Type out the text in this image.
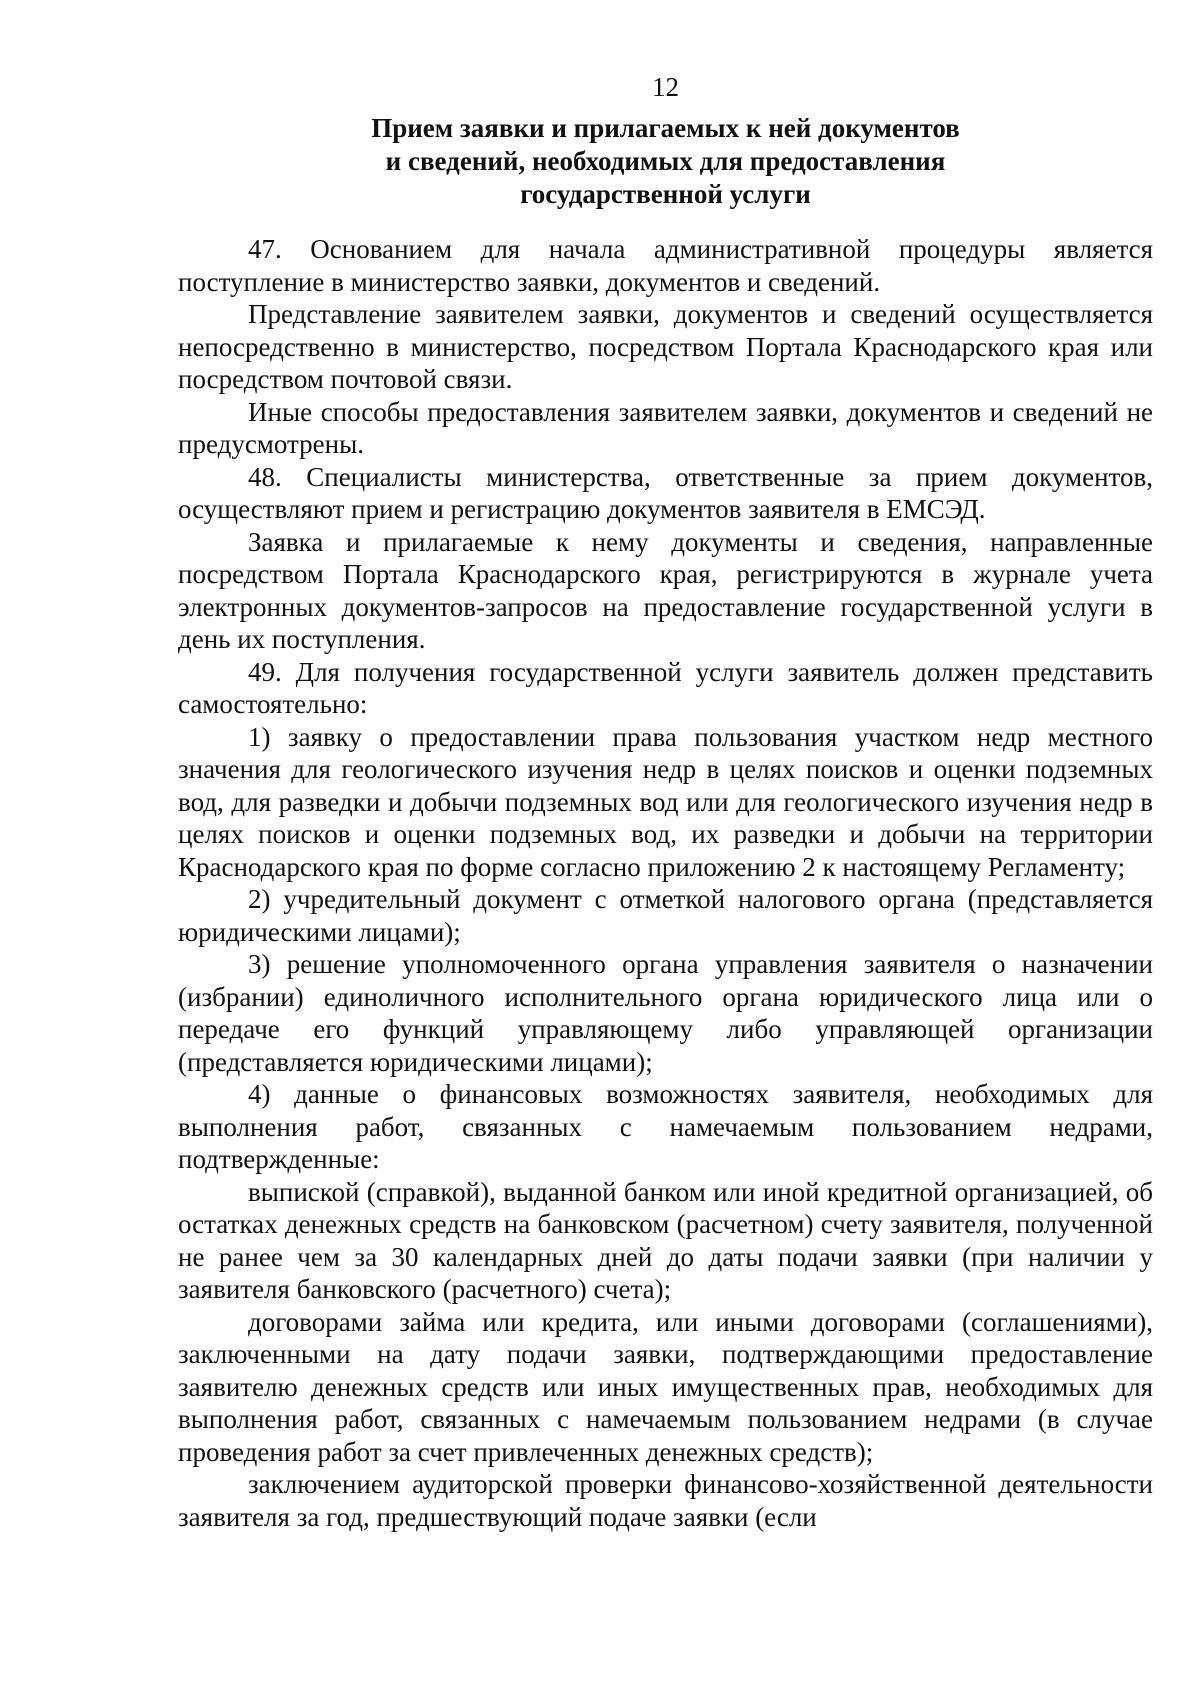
12
Прием заявки и прилагаемых к ней документов
и сведений, необходимых для предоставления
государственной услуги

47. Основанием для начала административной процедуры является поступление в министерство заявки, документов и сведений.

Представление заявителем заявки, документов и сведений осуществляется непосредственно в министерство, посредством Портала Краснодарского края или посредством почтовой связи.

Иные способы предоставления заявителем заявки, документов и сведений не предусмотрены.

48. Специалисты министерства, ответственные за прием документов, осуществляют прием и регистрацию документов заявителя в ЕМСЭД.

Заявка и прилагаемые к нему документы и сведения, направленные посредством Портала Краснодарского края, регистрируются в журнале учета электронных документов-запросов на предоставление государственной услуги в день их поступления.

49. Для получения государственной услуги заявитель должен представить самостоятельно:

1) заявку о предоставлении права пользования участком недр местного значения для геологического изучения недр в целях поисков и оценки подземных вод, для разведки и добычи подземных вод или для геологического изучения недр в целях поисков и оценки подземных вод, их разведки и добычи на территории Краснодарского края по форме согласно приложению 2 к настоящему Регламенту;

2) учредительный документ с отметкой налогового органа (представляется юридическими лицами);

3) решение уполномоченного органа управления заявителя о назначении (избрании) единоличного исполнительного органа юридического лица или о передаче его функций управляющему либо управляющей организации (представляется юридическими лицами);

4) данные о финансовых возможностях заявителя, необходимых для выполнения работ, связанных с намечаемым пользованием недрами, подтвержденные:

выпиской (справкой), выданной банком или иной кредитной организацией, об остатках денежных средств на банковском (расчетном) счету заявителя, полученной не ранее чем за 30 календарных дней до даты подачи заявки (при наличии у заявителя банковского (расчетного) счета);

договорами займа или кредита, или иными договорами (соглашениями), заключенными на дату подачи заявки, подтверждающими предоставление заявителю денежных средств или иных имущественных прав, необходимых для выполнения работ, связанных с намечаемым пользованием недрами (в случае проведения работ за счет привлеченных денежных средств);

заключением аудиторской проверки финансово-хозяйственной деятельности заявителя за год, предшествующий подаче заявки (если
